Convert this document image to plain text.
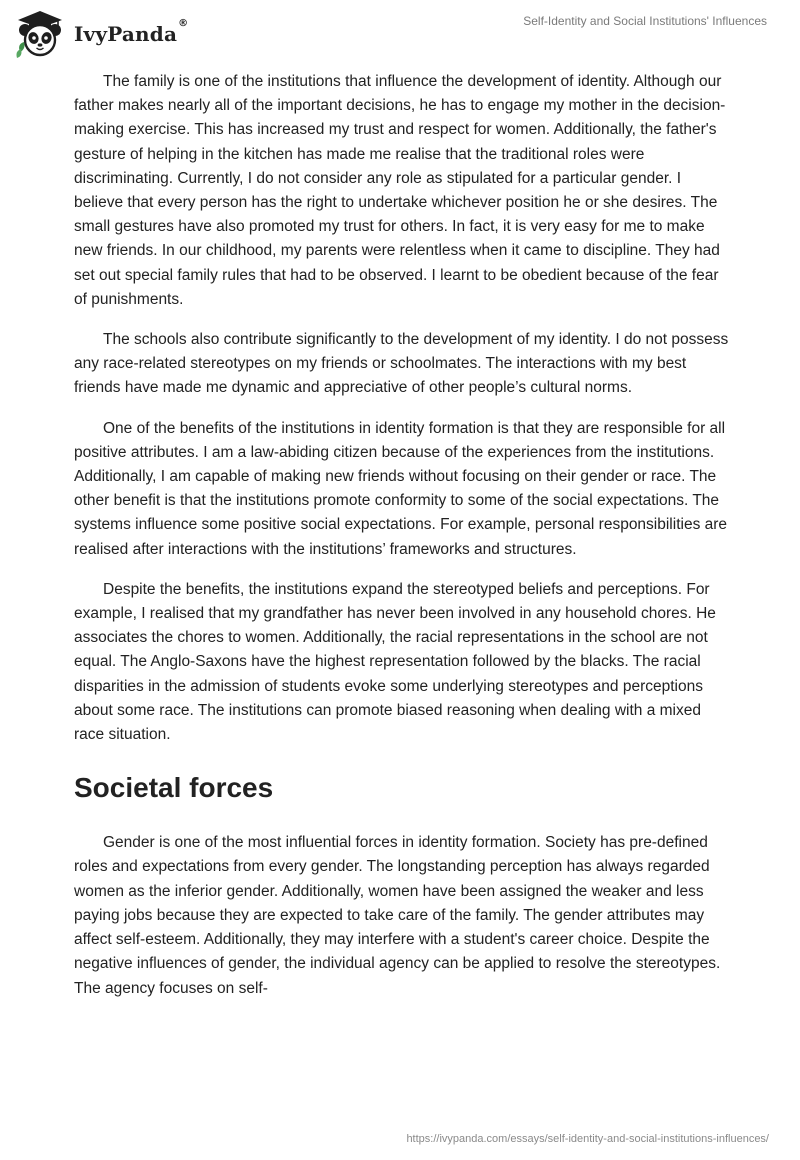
IvyPanda®	Self-Identity and Social Institutions' Influences

The family is one of the institutions that influence the development of identity. Although our father makes nearly all of the important decisions, he has to engage my mother in the decision-making exercise. This has increased my trust and respect for women. Additionally, the father's gesture of helping in the kitchen has made me realise that the traditional roles were discriminating. Currently, I do not consider any role as stipulated for a particular gender. I believe that every person has the right to undertake whichever position he or she desires. The small gestures have also promoted my trust for others. In fact, it is very easy for me to make new friends. In our childhood, my parents were relentless when it came to discipline. They had set out special family rules that had to be observed. I learnt to be obedient because of the fear of punishments.

The schools also contribute significantly to the development of my identity. I do not possess any race-related stereotypes on my friends or schoolmates. The interactions with my best friends have made me dynamic and appreciative of other people’s cultural norms.

One of the benefits of the institutions in identity formation is that they are responsible for all positive attributes. I am a law-abiding citizen because of the experiences from the institutions. Additionally, I am capable of making new friends without focusing on their gender or race. The other benefit is that the institutions promote conformity to some of the social expectations. The systems influence some positive social expectations. For example, personal responsibilities are realised after interactions with the institutions’ frameworks and structures.

Despite the benefits, the institutions expand the stereotyped beliefs and perceptions. For example, I realised that my grandfather has never been involved in any household chores. He associates the chores to women. Additionally, the racial representations in the school are not equal. The Anglo-Saxons have the highest representation followed by the blacks. The racial disparities in the admission of students evoke some underlying stereotypes and perceptions about some race. The institutions can promote biased reasoning when dealing with a mixed race situation.

Societal forces

Gender is one of the most influential forces in identity formation. Society has pre-defined roles and expectations from every gender. The longstanding perception has always regarded women as the inferior gender. Additionally, women have been assigned the weaker and less paying jobs because they are expected to take care of the family. The gender attributes may affect self-esteem. Additionally, they may interfere with a student's career choice. Despite the negative influences of gender, the individual agency can be applied to resolve the stereotypes. The agency focuses on self-

https://ivypanda.com/essays/self-identity-and-social-institutions-influences/
